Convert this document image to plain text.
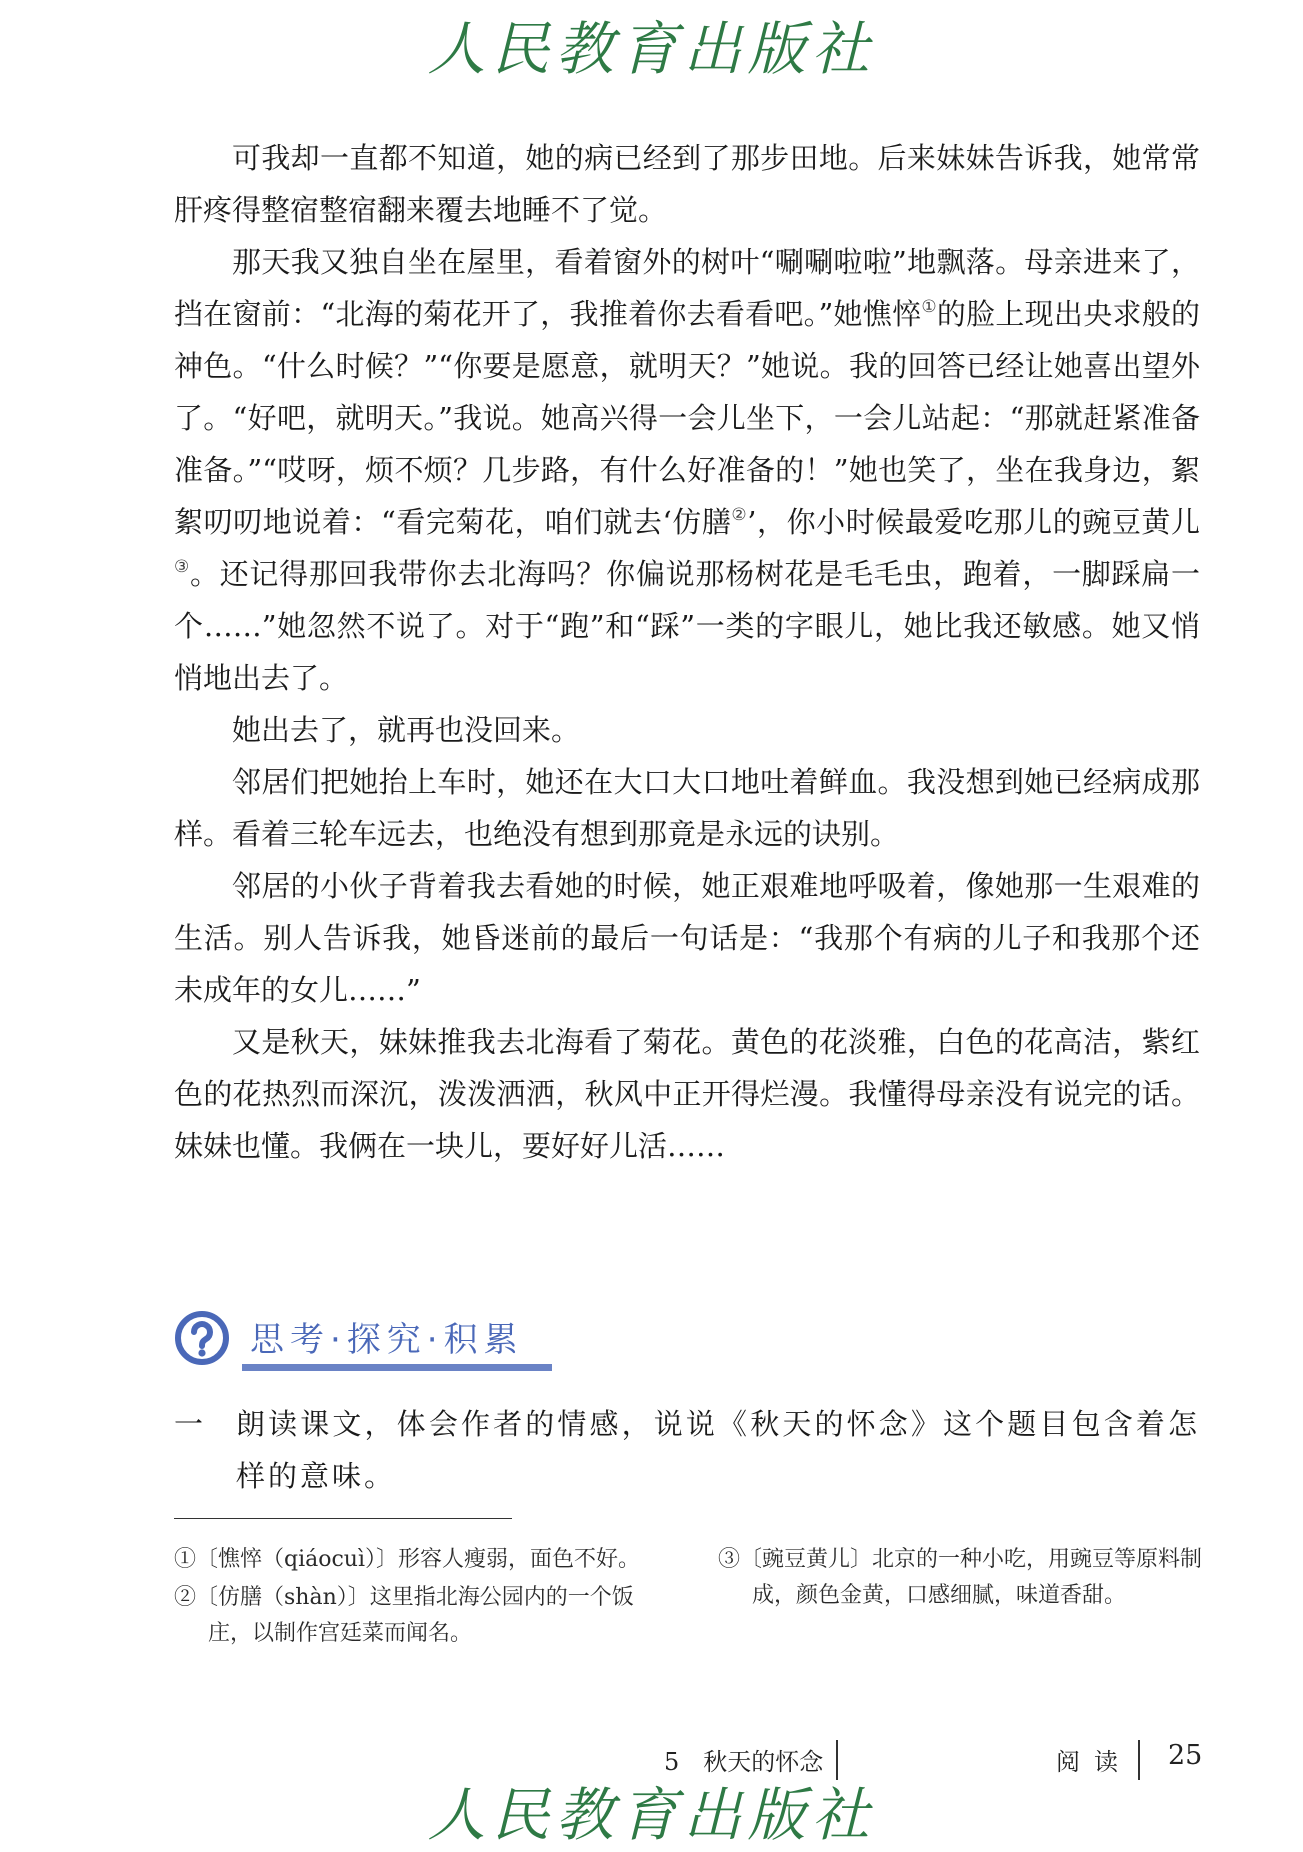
人民教育出版社

可我却一直都不知道，她的病已经到了那步田地。后来妹妹告诉我，她常常肝疼得整宿整宿翻来覆去地睡不了觉。

那天我又独自坐在屋里，看着窗外的树叶“唰唰啦啦”地飘落。母亲进来了，挡在窗前：“北海的菊花开了，我推着你去看看吧。”她憔悴①的脸上现出央求般的神色。“什么时候？”“你要是愿意，就明天？”她说。我的回答已经让她喜出望外了。“好吧，就明天。”我说。她高兴得一会儿坐下，一会儿站起：“那就赶紧准备准备。”“哎呀，烦不烦？几步路，有什么好准备的！”她也笑了，坐在我身边，絮絮叨叨地说着：“看完菊花，咱们就去‘仿膳②’，你小时候最爱吃那儿的豌豆黄儿③。还记得那回我带你去北海吗？你偏说那杨树花是毛毛虫，跑着，一脚踩扁一个……”她忽然不说了。对于“跑”和“踩”一类的字眼儿，她比我还敏感。她又悄悄地出去了。

她出去了，就再也没回来。

邻居们把她抬上车时，她还在大口大口地吐着鲜血。我没想到她已经病成那样。看着三轮车远去，也绝没有想到那竟是永远的诀别。

邻居的小伙子背着我去看她的时候，她正艰难地呼吸着，像她那一生艰难的生活。别人告诉我，她昏迷前的最后一句话是：“我那个有病的儿子和我那个还未成年的女儿……”

又是秋天，妹妹推我去北海看了菊花。黄色的花淡雅，白色的花高洁，紫红色的花热烈而深沉，泼泼洒洒，秋风中正开得烂漫。我懂得母亲没有说完的话。妹妹也懂。我俩在一块儿，要好好儿活……

思考·探究·积累
一 朗读课文，体会作者的情感，说说《秋天的怀念》这个题目包含着怎样的意味。

①〔憔悴（qiáocuì）〕形容人瘦弱，面色不好。

②〔仿膳（shàn）〕这里指北海公园内的一个饭庄，以制作宫廷菜而闻名。

③〔豌豆黄儿〕北京的一种小吃，用豌豆等原料制成，颜色金黄，口感细腻，味道香甜。

5　秋天的怀念	阅读 25
人民教育出版社
